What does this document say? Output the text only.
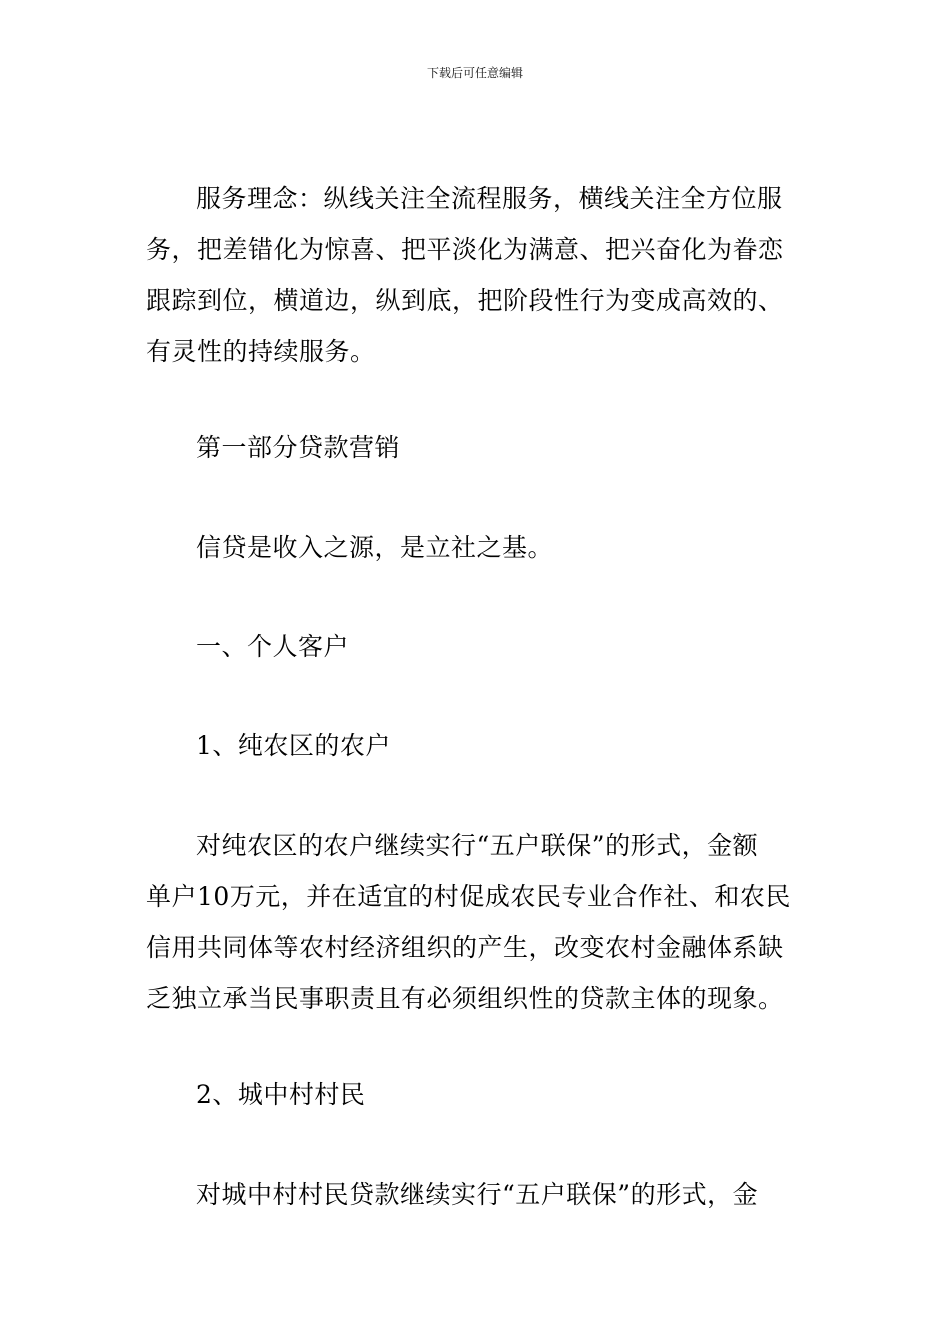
下载后可任意编辑
服务理念：纵线关注全流程服务，横线关注全方位服
务，把差错化为惊喜、把平淡化为满意、把兴奋化为眷恋
跟踪到位，横道边，纵到底，把阶段性行为变成高效的、
有灵性的持续服务。
第一部分贷款营销
信贷是收入之源，是立社之基。
一、个人客户
1、纯农区的农户
对纯农区的农户继续实行“五户联保”的形式，金额
单户10万元，并在适宜的村促成农民专业合作社、和农民
信用共同体等农村经济组织的产生，改变农村金融体系缺
乏独立承当民事职责且有必须组织性的贷款主体的现象。
2、城中村村民
对城中村村民贷款继续实行“五户联保”的形式，金
